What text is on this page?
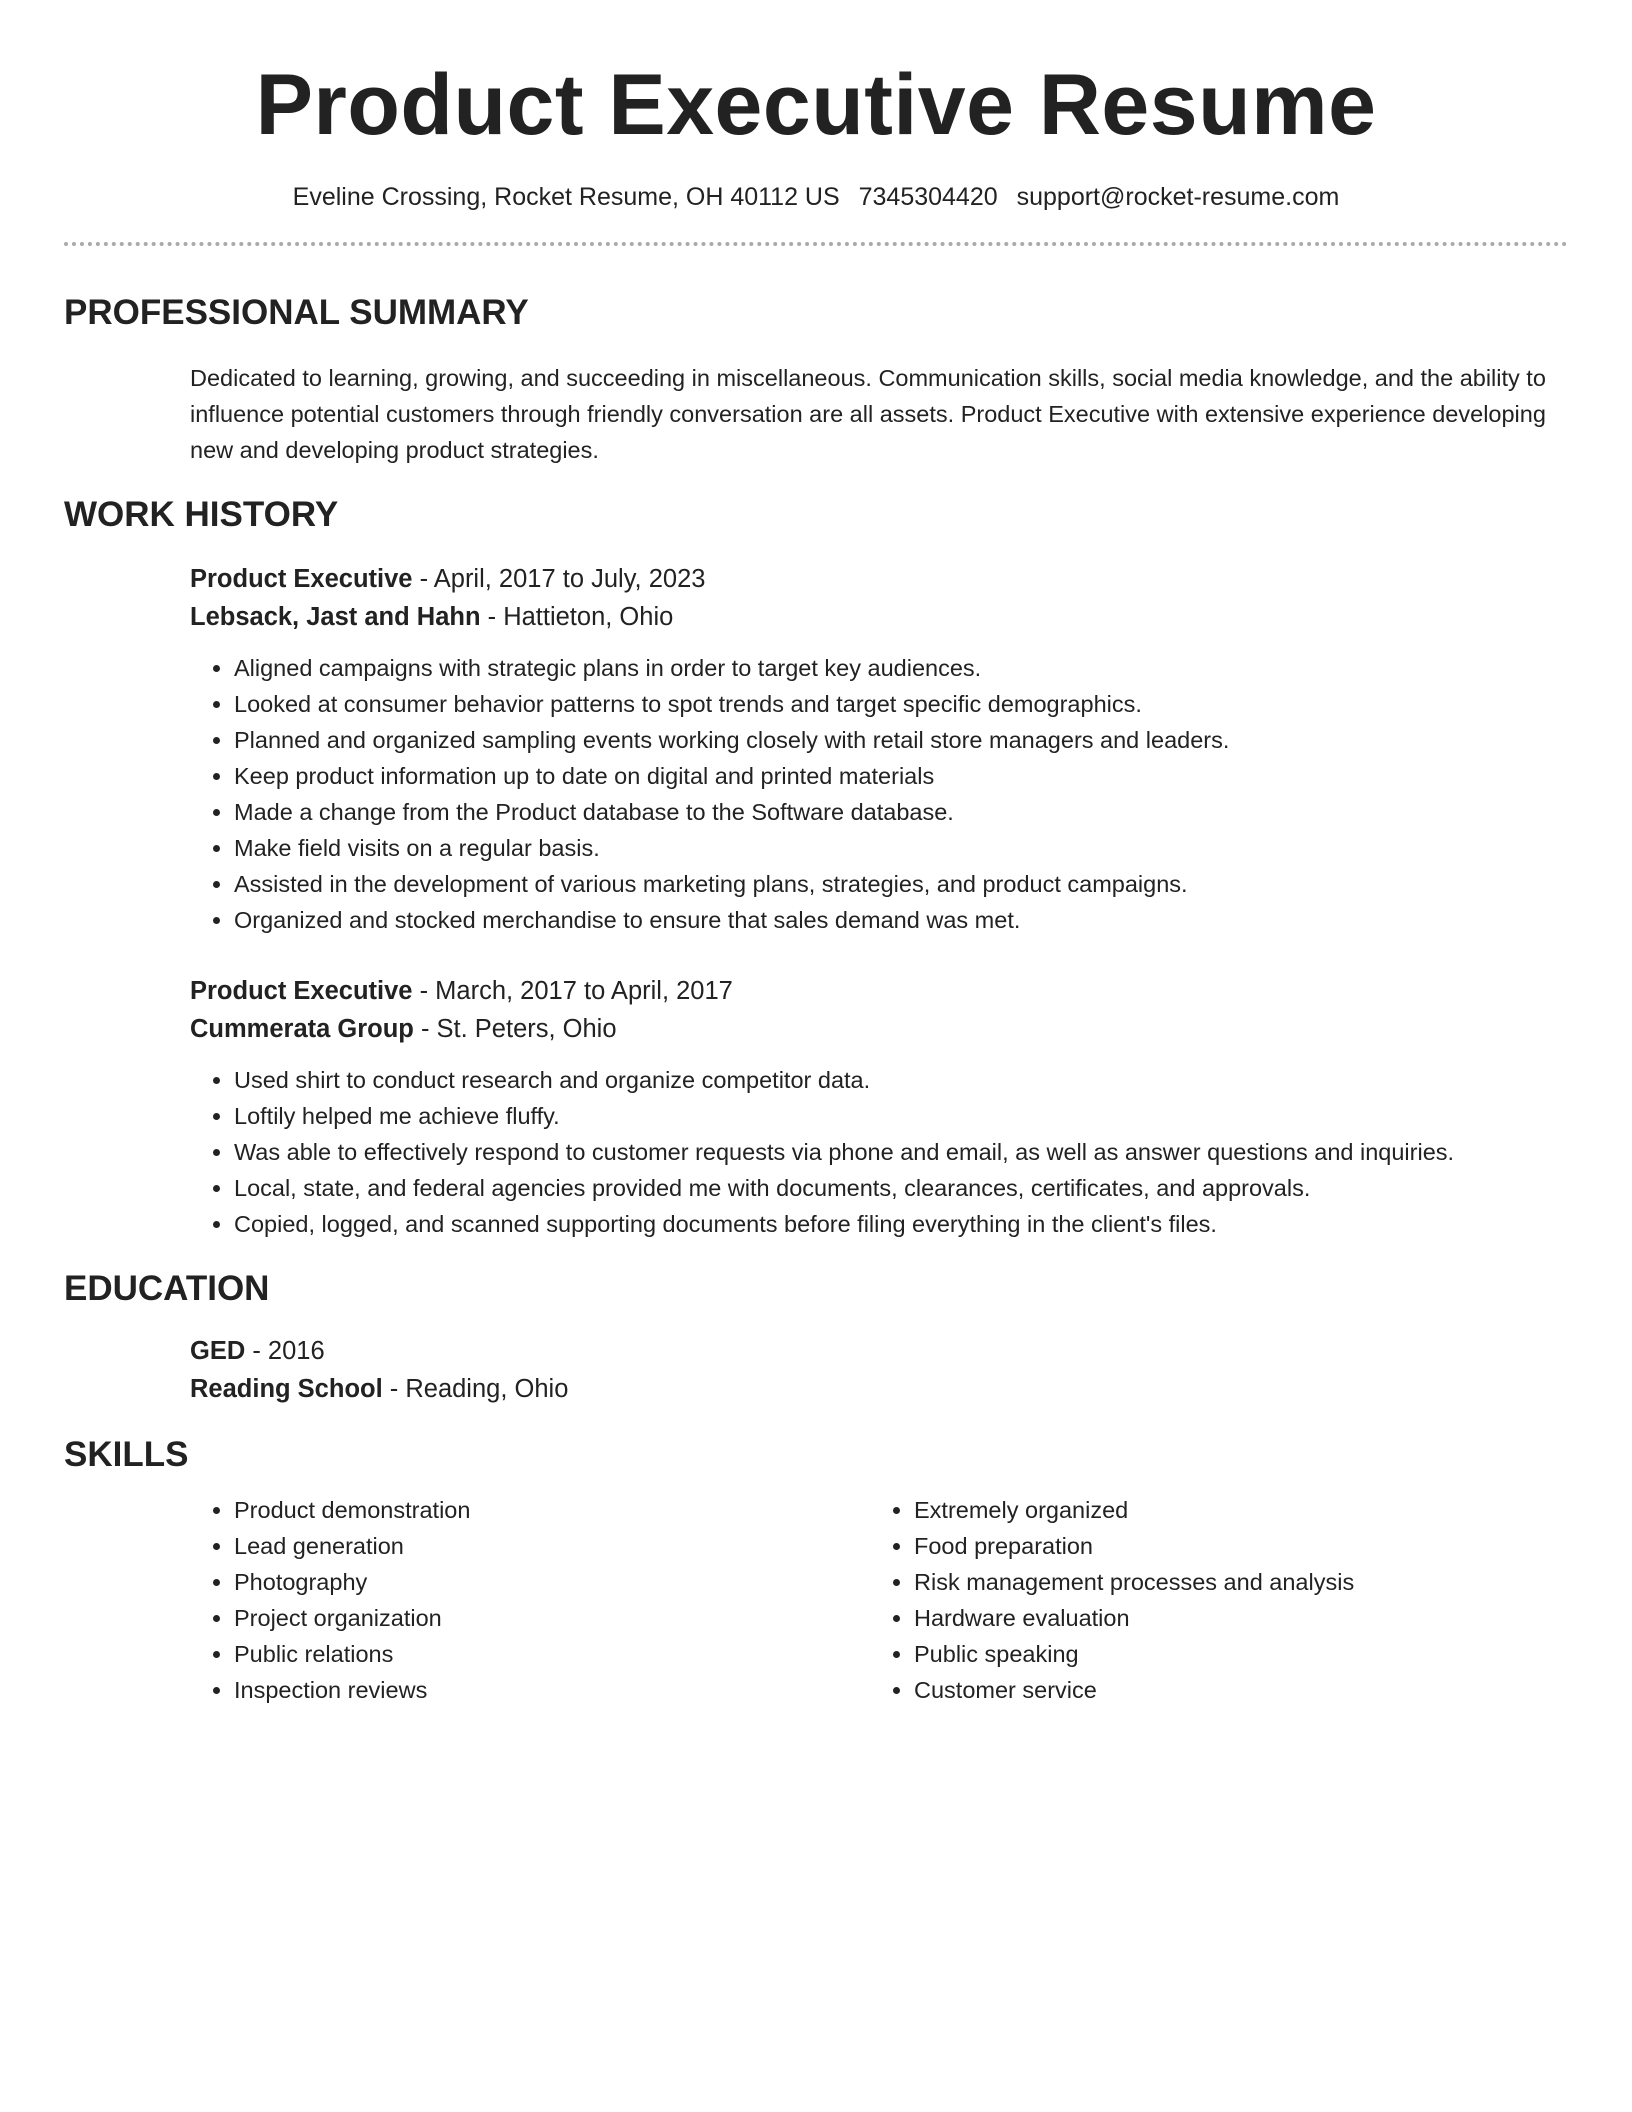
Product Executive Resume
Eveline Crossing, Rocket Resume, OH 40112 US 7345304420 support@rocket-resume.com
PROFESSIONAL SUMMARY

Dedicated to learning, growing, and succeeding in miscellaneous. Communication skills, social media knowledge, and the ability to influence potential customers through friendly conversation are all assets. Product Executive with extensive experience developing new and developing product strategies.

WORK HISTORY
Product Executive - April, 2017 to July, 2023
Lebsack, Jast and Hahn - Hattieton, Ohio
• Aligned campaigns with strategic plans in order to target key audiences.
• Looked at consumer behavior patterns to spot trends and target specific demographics.
• Planned and organized sampling events working closely with retail store managers and leaders.
• Keep product information up to date on digital and printed materials
• Made a change from the Product database to the Software database.
• Make field visits on a regular basis.
• Assisted in the development of various marketing plans, strategies, and product campaigns.
• Organized and stocked merchandise to ensure that sales demand was met.
Product Executive - March, 2017 to April, 2017
Cummerata Group - St. Peters, Ohio
• Used shirt to conduct research and organize competitor data.
• Loftily helped me achieve fluffy.
• Was able to effectively respond to customer requests via phone and email, as well as answer questions and inquiries.
• Local, state, and federal agencies provided me with documents, clearances, certificates, and approvals.
• Copied, logged, and scanned supporting documents before filing everything in the client's files.
EDUCATION
GED - 2016
Reading School - Reading, Ohio
SKILLS
• Product demonstration
• Lead generation
• Photography
• Project organization
• Public relations
• Inspection reviews
• Extremely organized
• Food preparation
• Risk management processes and analysis
• Hardware evaluation
• Public speaking
• Customer service
